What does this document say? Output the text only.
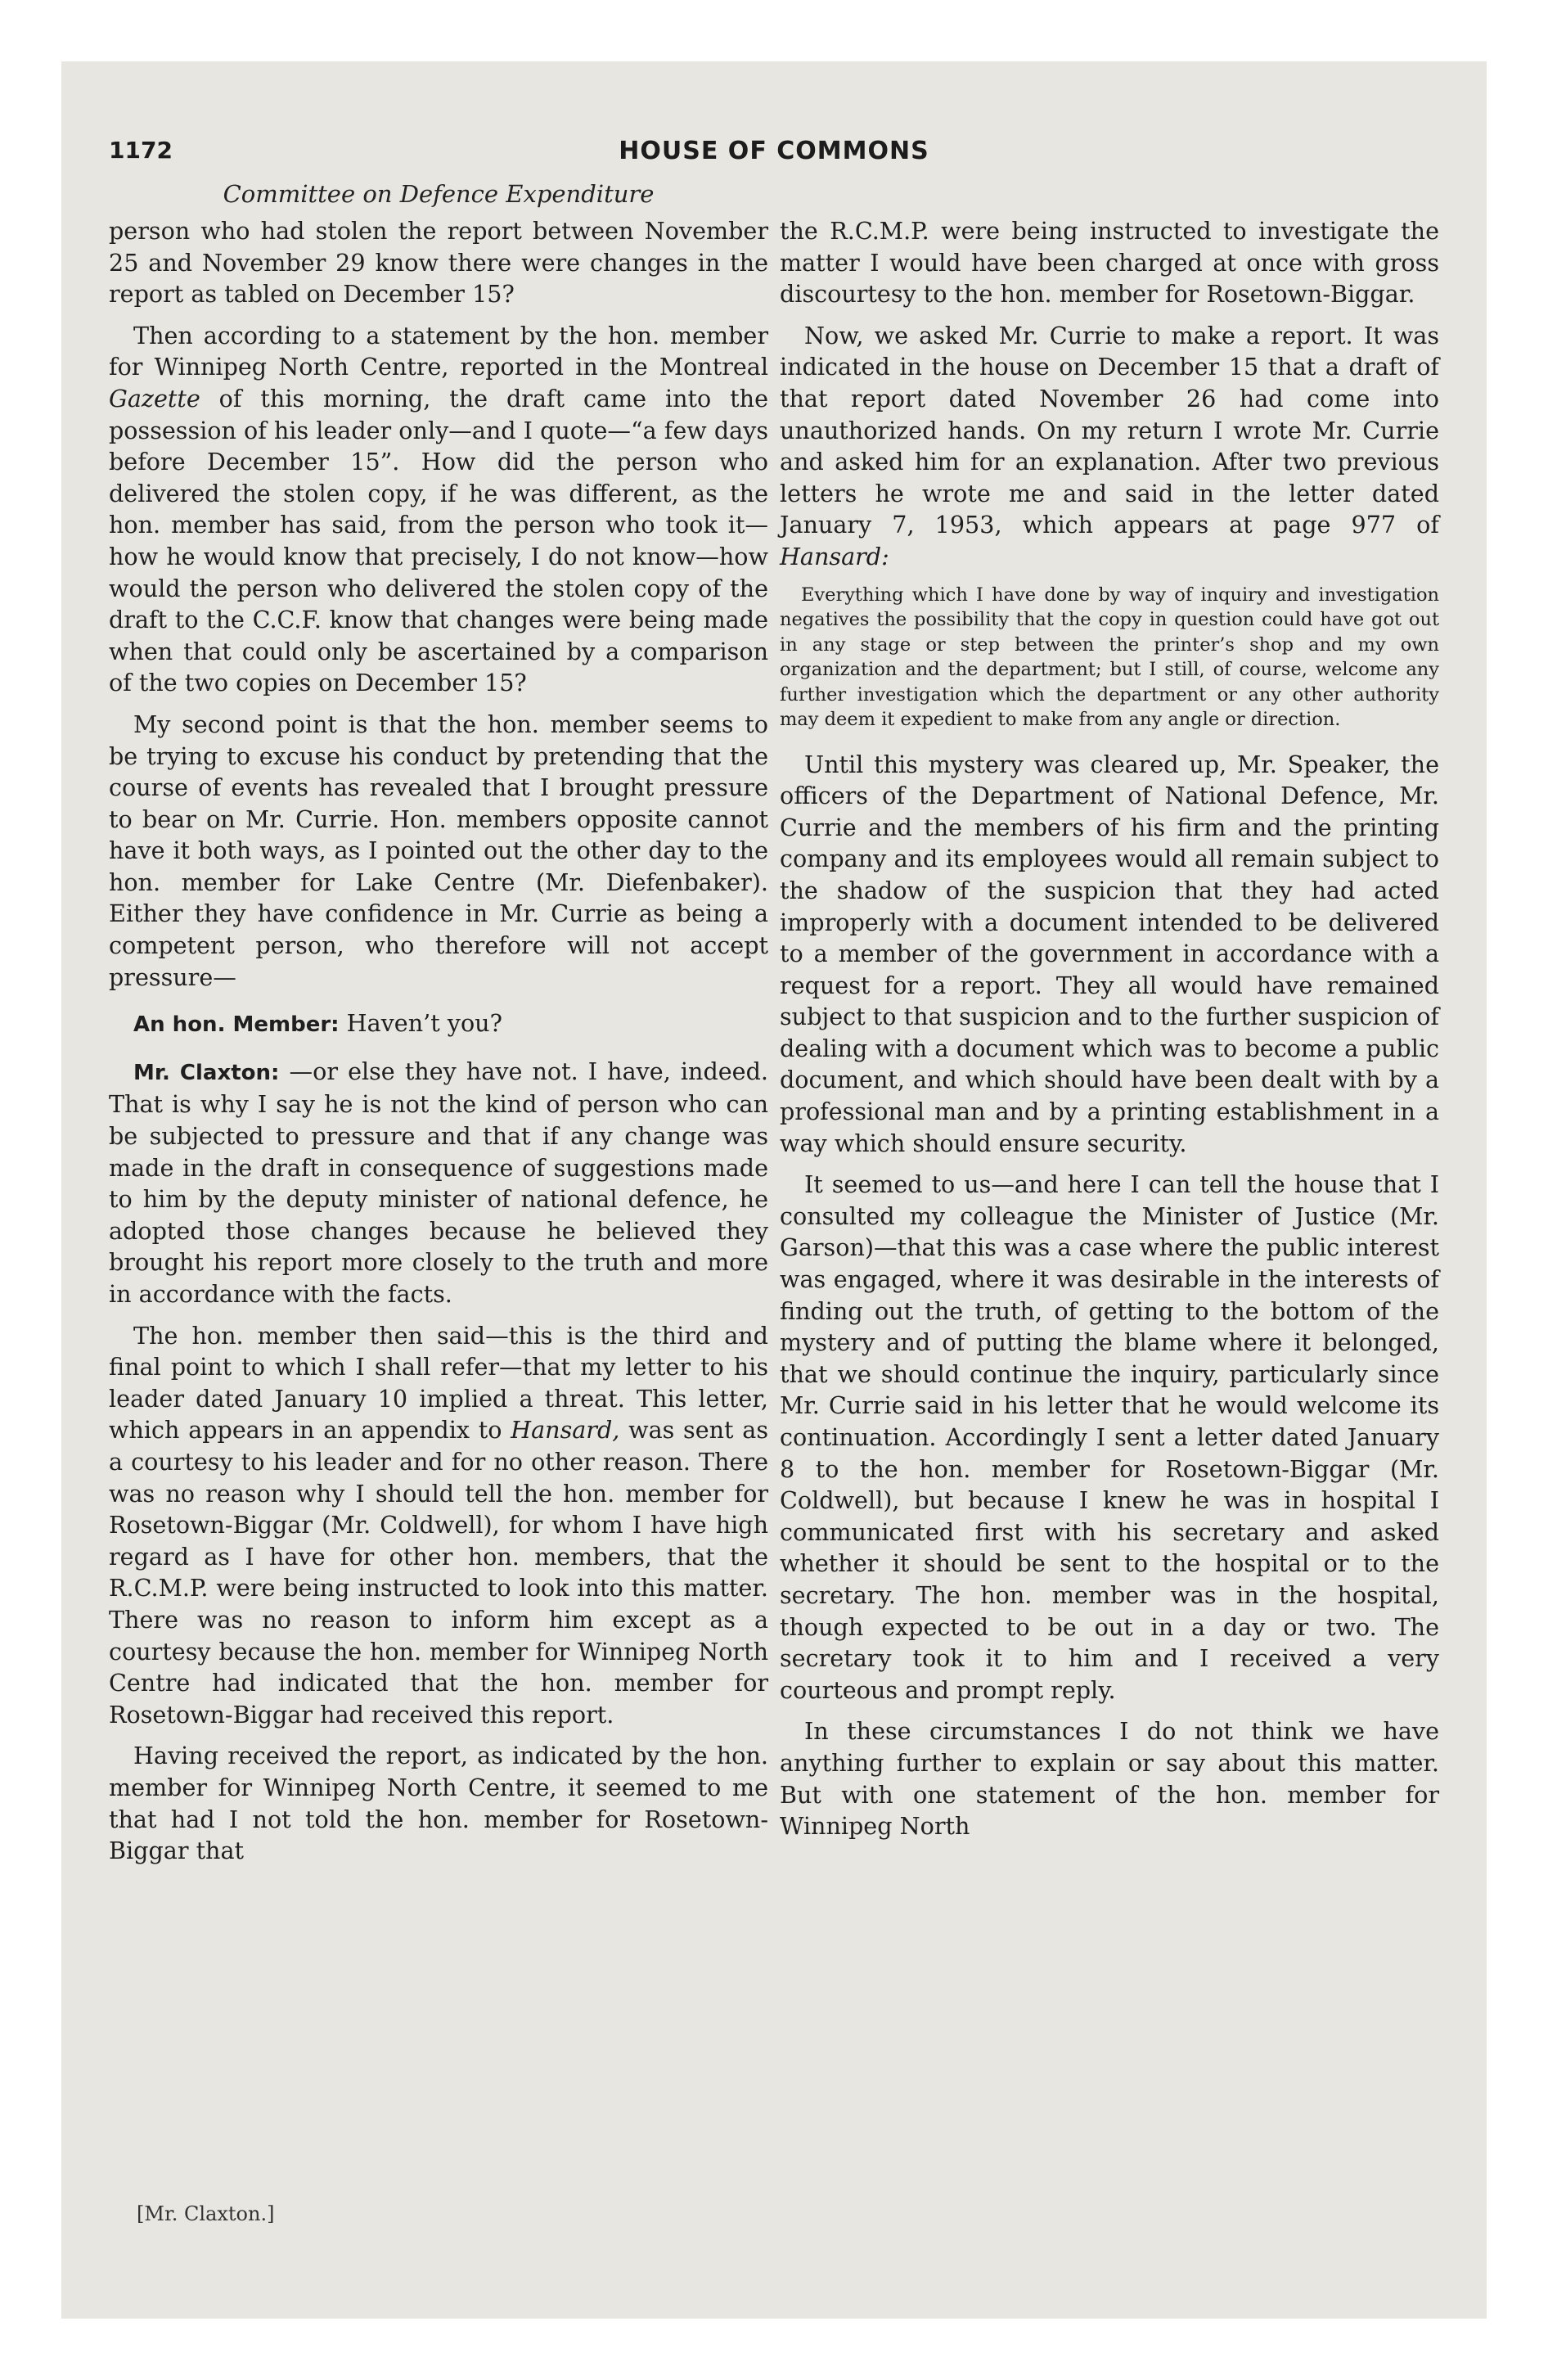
1172	HOUSE OF COMMONS
Committee on Defence Expenditure

person who had stolen the report between November 25 and November 29 know there were changes in the report as tabled on December 15?

Then according to a statement by the hon. member for Winnipeg North Centre, reported in the Montreal Gazette of this morning, the draft came into the possession of his leader only—and I quote—“a few days before December 15”. How did the person who delivered the stolen copy, if he was different, as the hon. member has said, from the person who took it—how he would know that precisely, I do not know—how would the person who delivered the stolen copy of the draft to the C.C.F. know that changes were being made when that could only be ascertained by a comparison of the two copies on December 15?

My second point is that the hon. member seems to be trying to excuse his conduct by pretending that the course of events has revealed that I brought pressure to bear on Mr. Currie. Hon. members opposite cannot have it both ways, as I pointed out the other day to the hon. member for Lake Centre (Mr. Diefenbaker). Either they have confidence in Mr. Currie as being a competent person, who therefore will not accept pressure—

An hon. Member: Haven’t you?

Mr. Claxton: —or else they have not. I have, indeed. That is why I say he is not the kind of person who can be subjected to pressure and that if any change was made in the draft in consequence of suggestions made to him by the deputy minister of national defence, he adopted those changes because he believed they brought his report more closely to the truth and more in accordance with the facts.

The hon. member then said—this is the third and final point to which I shall refer—that my letter to his leader dated January 10 implied a threat. This letter, which appears in an appendix to Hansard, was sent as a courtesy to his leader and for no other reason. There was no reason why I should tell the hon. member for Rosetown-Biggar (Mr. Coldwell), for whom I have high regard as I have for other hon. members, that the R.C.M.P. were being instructed to look into this matter. There was no reason to inform him except as a courtesy because the hon. member for Winnipeg North Centre had indicated that the hon. member for Rosetown-Biggar had received this report.

Having received the report, as indicated by the hon. member for Winnipeg North Centre, it seemed to me that had I not told the hon. member for Rosetown-Biggar that

the R.C.M.P. were being instructed to investigate the matter I would have been charged at once with gross discourtesy to the hon. member for Rosetown-Biggar.

Now, we asked Mr. Currie to make a report. It was indicated in the house on December 15 that a draft of that report dated November 26 had come into unauthorized hands. On my return I wrote Mr. Currie and asked him for an explanation. After two previous letters he wrote me and said in the letter dated January 7, 1953, which appears at page 977 of Hansard:

Everything which I have done by way of inquiry and investigation negatives the possibility that the copy in question could have got out in any stage or step between the printer’s shop and my own organization and the department; but I still, of course, welcome any further investigation which the department or any other authority may deem it expedient to make from any angle or direction.

Until this mystery was cleared up, Mr. Speaker, the officers of the Department of National Defence, Mr. Currie and the members of his firm and the printing company and its employees would all remain subject to the shadow of the suspicion that they had acted improperly with a document intended to be delivered to a member of the government in accordance with a request for a report. They all would have remained subject to that suspicion and to the further suspicion of dealing with a document which was to become a public document, and which should have been dealt with by a professional man and by a printing establishment in a way which should ensure security.

It seemed to us—and here I can tell the house that I consulted my colleague the Minister of Justice (Mr. Garson)—that this was a case where the public interest was engaged, where it was desirable in the interests of finding out the truth, of getting to the bottom of the mystery and of putting the blame where it belonged, that we should continue the inquiry, particularly since Mr. Currie said in his letter that he would welcome its continuation. Accordingly I sent a letter dated January 8 to the hon. member for Rosetown-Biggar (Mr. Coldwell), but because I knew he was in hospital I communicated first with his secretary and asked whether it should be sent to the hospital or to the secretary. The hon. member was in the hospital, though expected to be out in a day or two. The secretary took it to him and I received a very courteous and prompt reply.

In these circumstances I do not think we have anything further to explain or say about this matter. But with one statement of the hon. member for Winnipeg North

[Mr. Claxton.]
